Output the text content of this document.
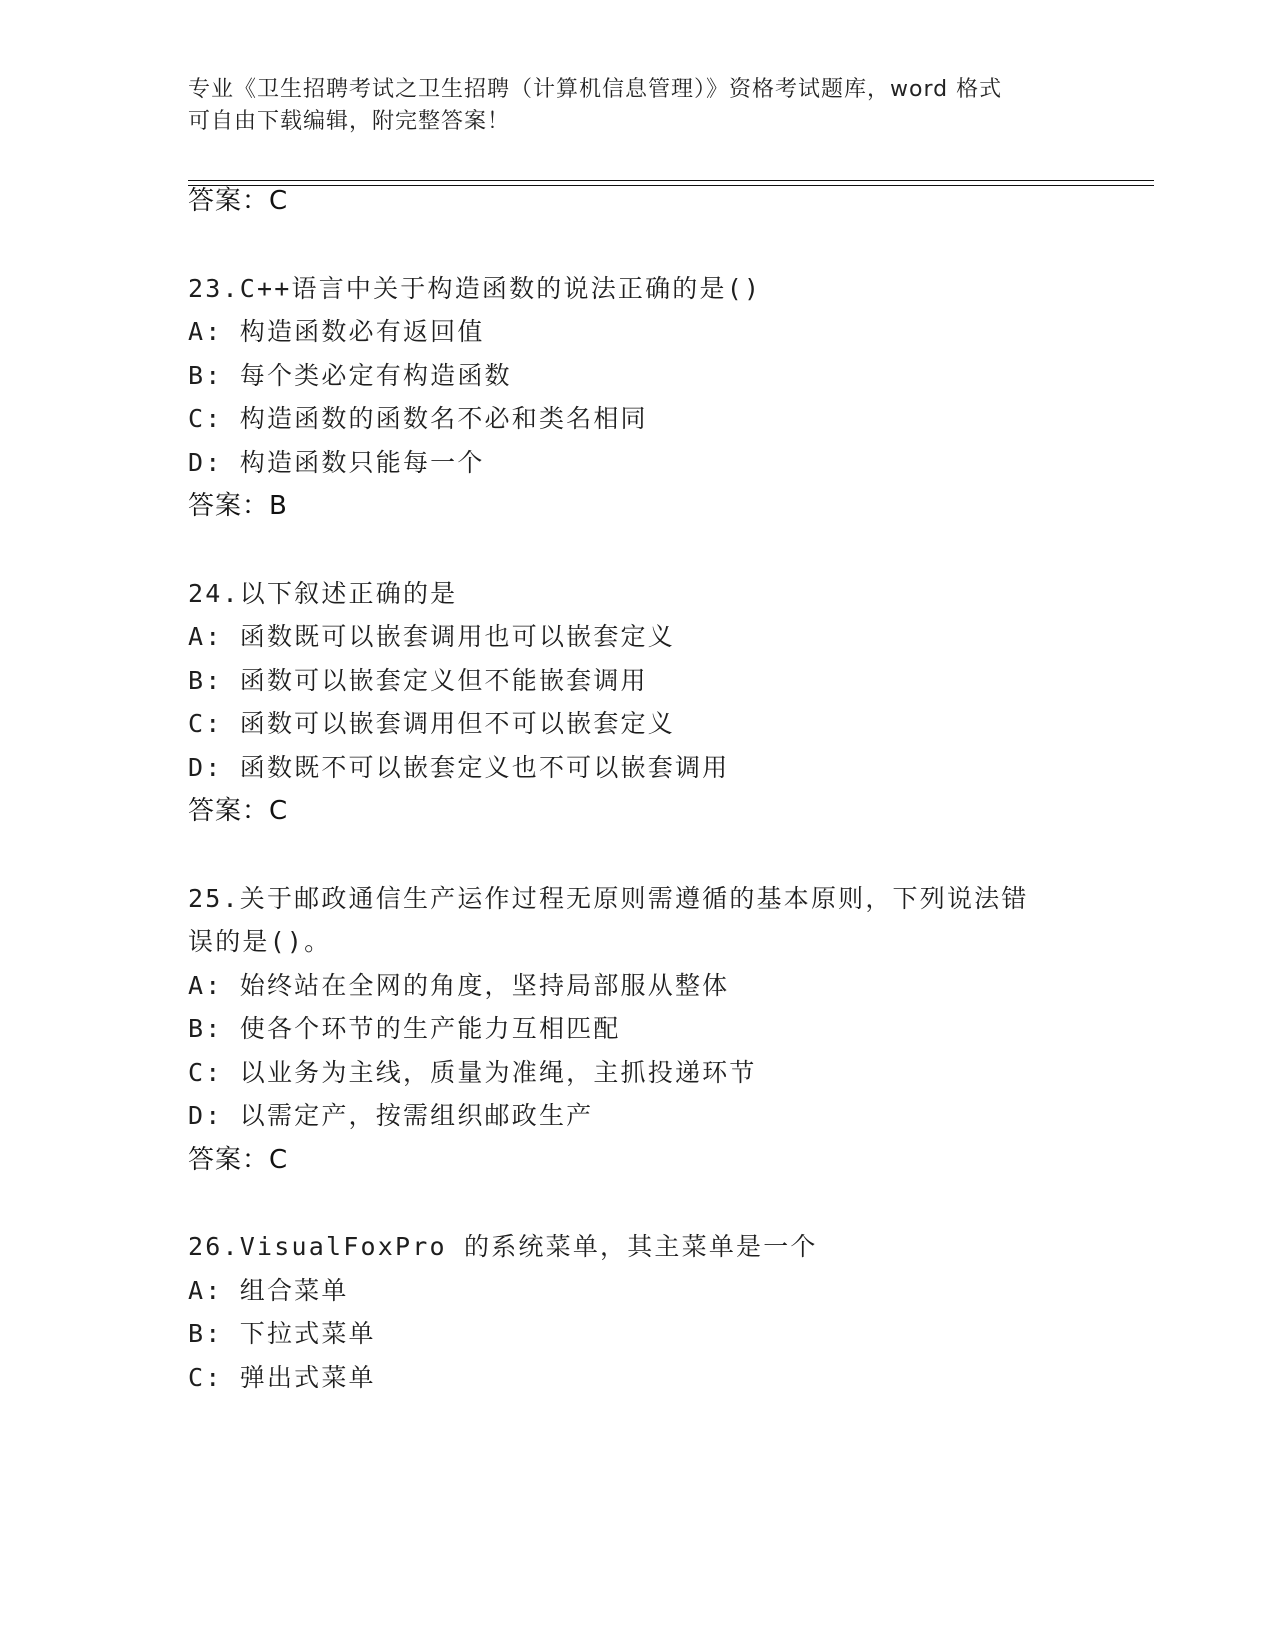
专业《卫生招聘考试之卫生招聘（计算机信息管理）》资格考试题库，word 格式
可自由下载编辑，附完整答案！
答案：C
23.C++语言中关于构造函数的说法正确的是()
A: 构造函数必有返回值
B: 每个类必定有构造函数
C: 构造函数的函数名不必和类名相同
D: 构造函数只能每一个
答案：B
24.以下叙述正确的是
A: 函数既可以嵌套调用也可以嵌套定义
B: 函数可以嵌套定义但不能嵌套调用
C: 函数可以嵌套调用但不可以嵌套定义
D: 函数既不可以嵌套定义也不可以嵌套调用
答案：C
25.关于邮政通信生产运作过程无原则需遵循的基本原则，下列说法错
误的是()。
A: 始终站在全网的角度，坚持局部服从整体
B: 使各个环节的生产能力互相匹配
C: 以业务为主线，质量为准绳，主抓投递环节
D: 以需定产，按需组织邮政生产
答案：C
26.VisualFoxPro 的系统菜单，其主菜单是一个
A: 组合菜单
B: 下拉式菜单
C: 弹出式菜单
